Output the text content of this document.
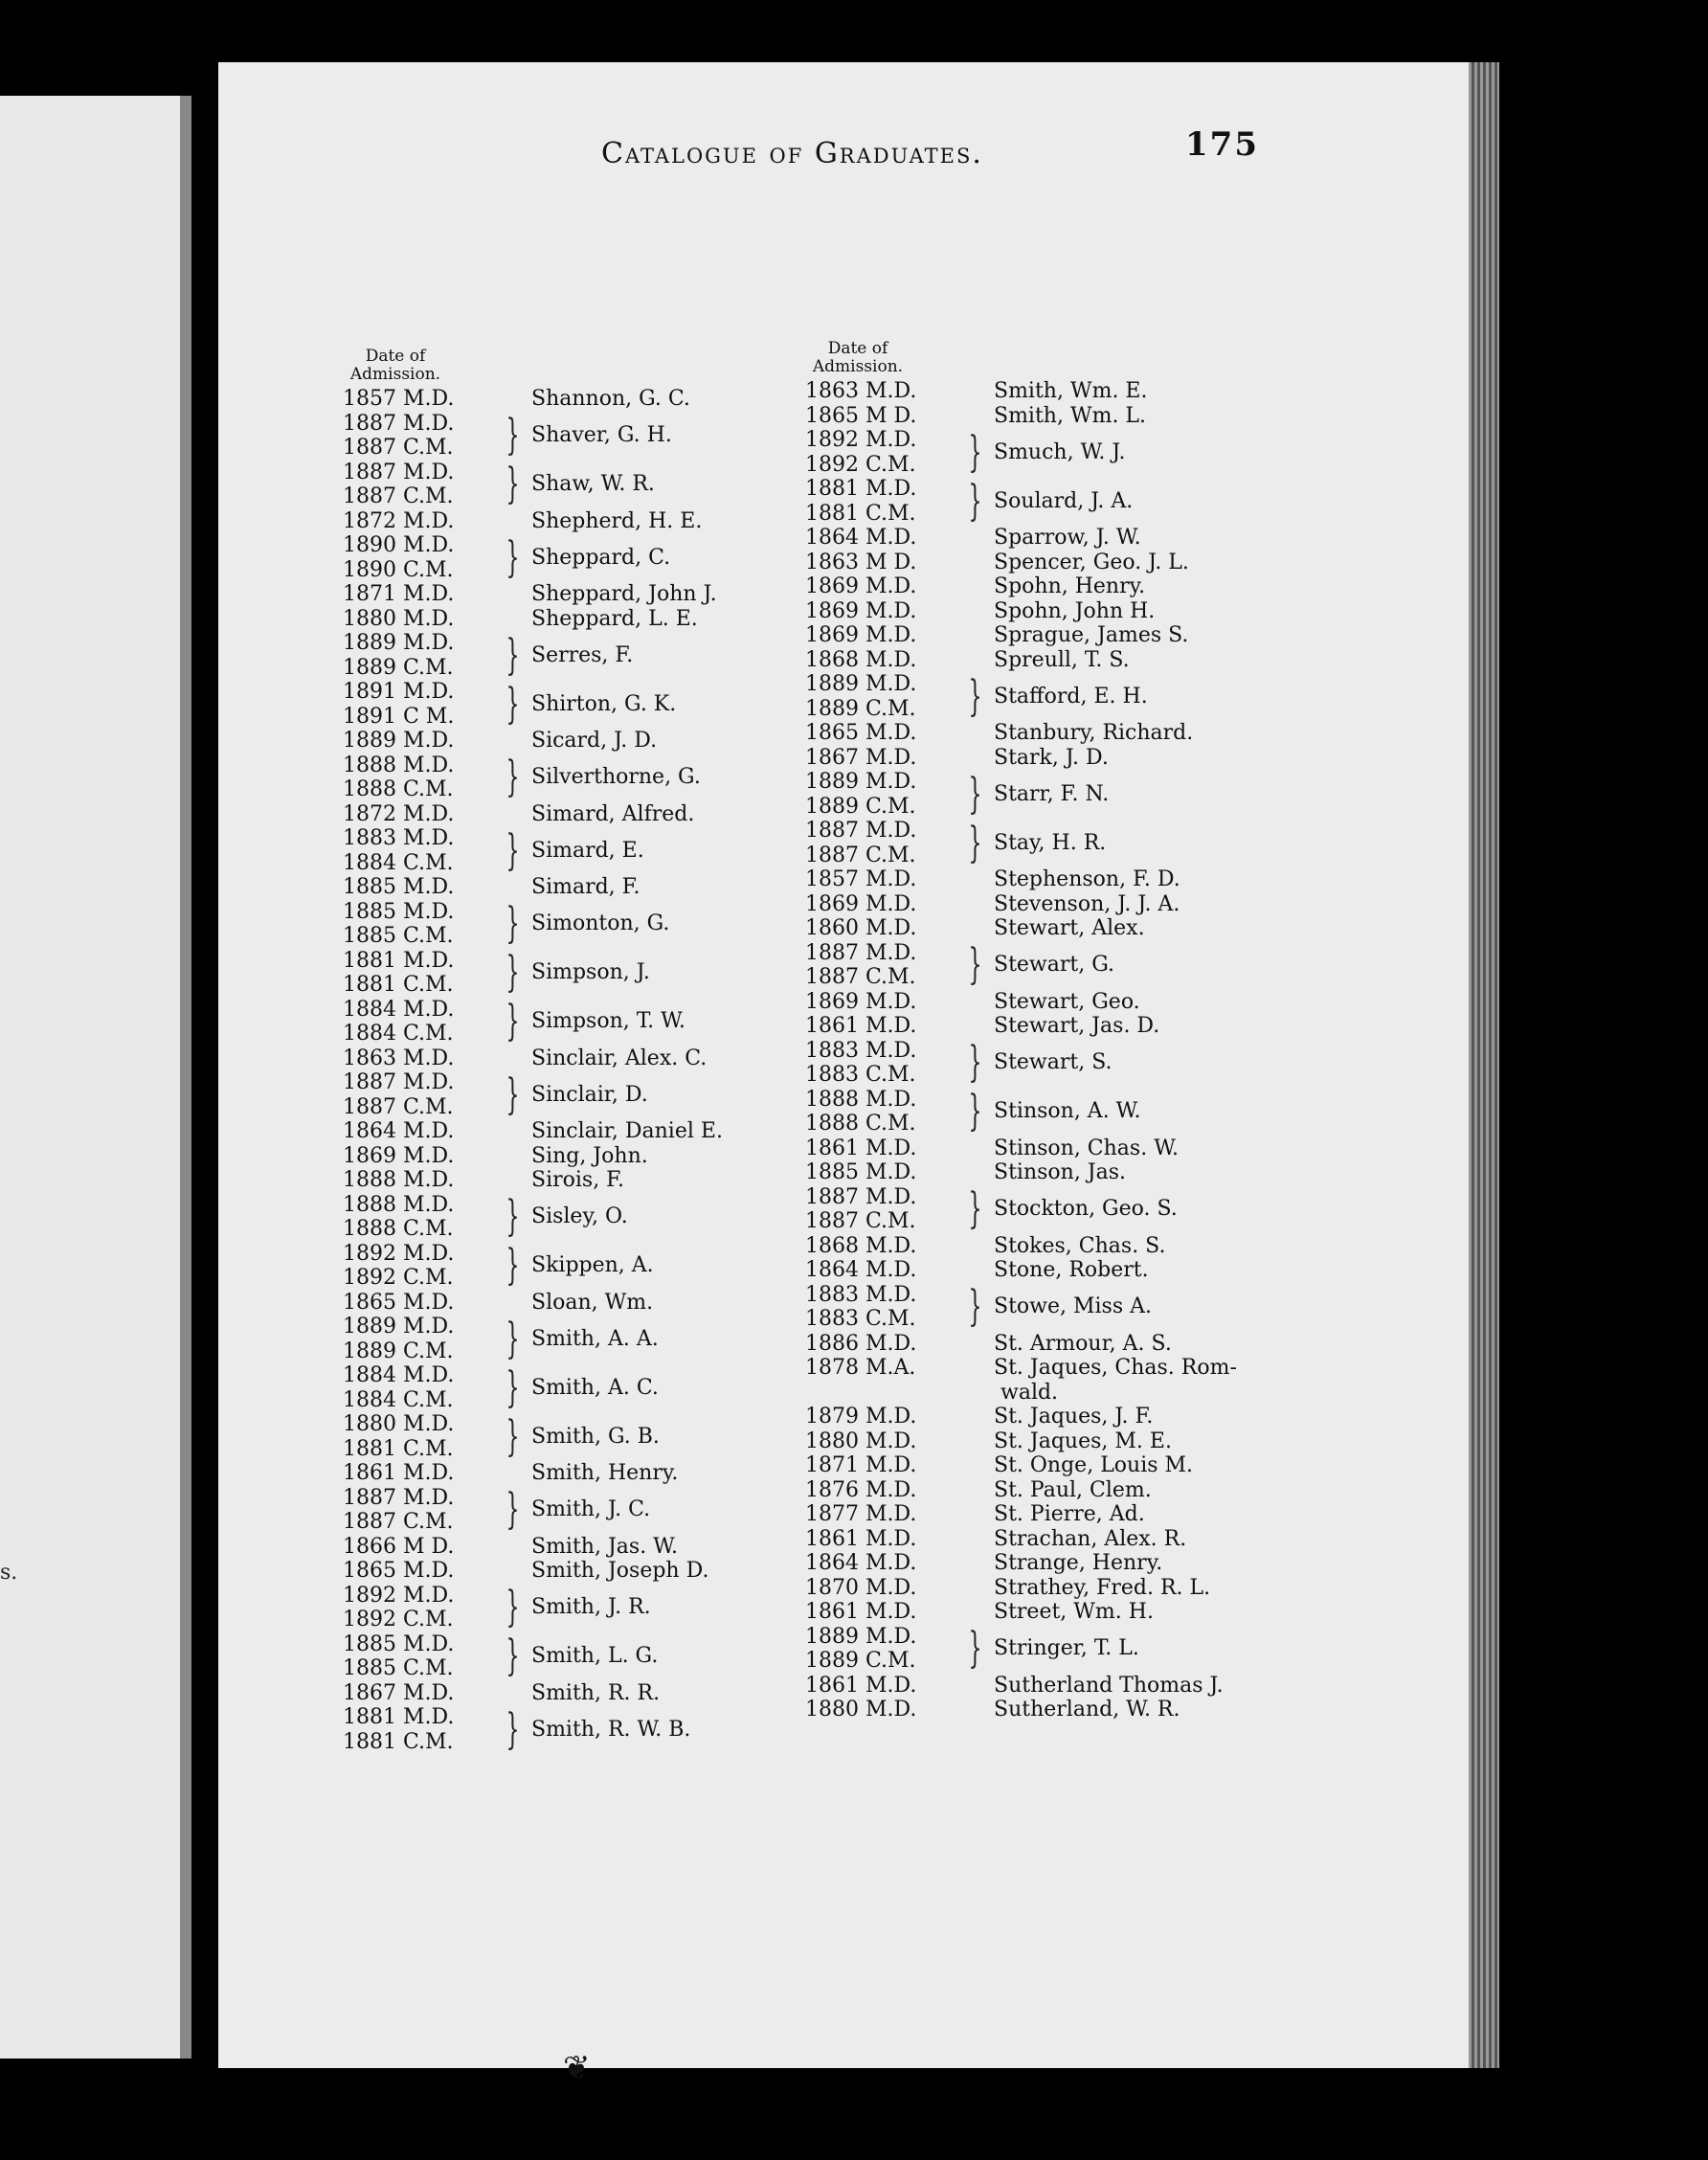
s.
Catalogue of Graduates.	175
Date of Admission.
1857 M.D.	Shannon, G. C.
1887 M.D.
1887 C.M.	} Shaver, G. H.
1887 M.D.
1887 C.M.	} Shaw, W. R.
1872 M.D.	Shepherd, H. E.
1890 M.D.
1890 C.M.	} Sheppard, C.
1871 M.D.	Sheppard, John J.
1880 M.D.	Sheppard, L. E.
1889 M.D.
1889 C.M.	} Serres, F.
1891 M.D.
1891 C M.	} Shirton, G. K.
1889 M.D.	Sicard, J. D.
1888 M.D.
1888 C.M.	} Silverthorne, G.
1872 M.D.	Simard, Alfred.
1883 M.D.
1884 C.M.	} Simard, E.
1885 M.D.	Simard, F.
1885 M.D.
1885 C.M.	} Simonton, G.
1881 M.D.
1881 C.M.	} Simpson, J.
1884 M.D.
1884 C.M.	} Simpson, T. W.
1863 M.D.	Sinclair, Alex. C.
1887 M.D.
1887 C.M.	} Sinclair, D.
1864 M.D.	Sinclair, Daniel E.
1869 M.D.	Sing, John.
1888 M.D.	Sirois, F.
1888 M.D.
1888 C.M.	} Sisley, O.
1892 M.D.
1892 C.M.	} Skippen, A.
1865 M.D.	Sloan, Wm.
1889 M.D.
1889 C.M.	} Smith, A. A.
1884 M.D.
1884 C.M.	} Smith, A. C.
1880 M.D.
1881 C.M.	} Smith, G. B.
1861 M.D.	Smith, Henry.
1887 M.D.
1887 C.M.	} Smith, J. C.
1866 M D.	Smith, Jas. W.
1865 M.D.	Smith, Joseph D.
1892 M.D.
1892 C.M.	} Smith, J. R.
1885 M.D.
1885 C.M.	} Smith, L. G.
1867 M.D.	Smith, R. R.
1881 M.D.
1881 C.M.	} Smith, R. W. B.
Date of Admission.
1863 M.D.	Smith, Wm. E.
1865 M D.	Smith, Wm. L.
1892 M.D.
1892 C.M.	} Smuch, W. J.
1881 M.D.
1881 C.M.	} Soulard, J. A.
1864 M.D.	Sparrow, J. W.
1863 M D.	Spencer, Geo. J. L.
1869 M.D.	Spohn, Henry.
1869 M.D.	Spohn, John H.
1869 M.D.	Sprague, James S.
1868 M.D.	Spreull, T. S.
1889 M.D.
1889 C.M.	} Stafford, E. H.
1865 M.D.	Stanbury, Richard.
1867 M.D.	Stark, J. D.
1889 M.D.
1889 C.M.	} Starr, F. N.
1887 M.D.
1887 C.M.	} Stay, H. R.
1857 M.D.	Stephenson, F. D.
1869 M.D.	Stevenson, J. J. A.
1860 M.D.	Stewart, Alex.
1887 M.D.
1887 C.M.	} Stewart, G.
1869 M.D.	Stewart, Geo.
1861 M.D.	Stewart, Jas. D.
1883 M.D.
1883 C.M.	} Stewart, S.
1888 M.D.
1888 C.M.	} Stinson, A. W.
1861 M.D.	Stinson, Chas. W.
1885 M.D.	Stinson, Jas.
1887 M.D.
1887 C.M.	} Stockton, Geo. S.
1868 M.D.	Stokes, Chas. S.
1864 M.D.	Stone, Robert.
1883 M.D.
1883 C.M.	} Stowe, Miss A.
1886 M.D.	St. Armour, A. S.
1878 M.A.	St. Jaques, Chas. Rom-
wald.
1879 M.D.	St. Jaques, J. F.
1880 M.D.	St. Jaques, M. E.
1871 M.D.	St. Onge, Louis M.
1876 M.D.	St. Paul, Clem.
1877 M.D.	St. Pierre, Ad.
1861 M.D.	Strachan, Alex. R.
1864 M.D.	Strange, Henry.
1870 M.D.	Strathey, Fred. R. L.
1861 M.D.	Street, Wm. H.
1889 M.D.
1889 C.M.	} Stringer, T. L.
1861 M.D.	Sutherland Thomas J.
1880 M.D.	Sutherland, W. R.
❦
